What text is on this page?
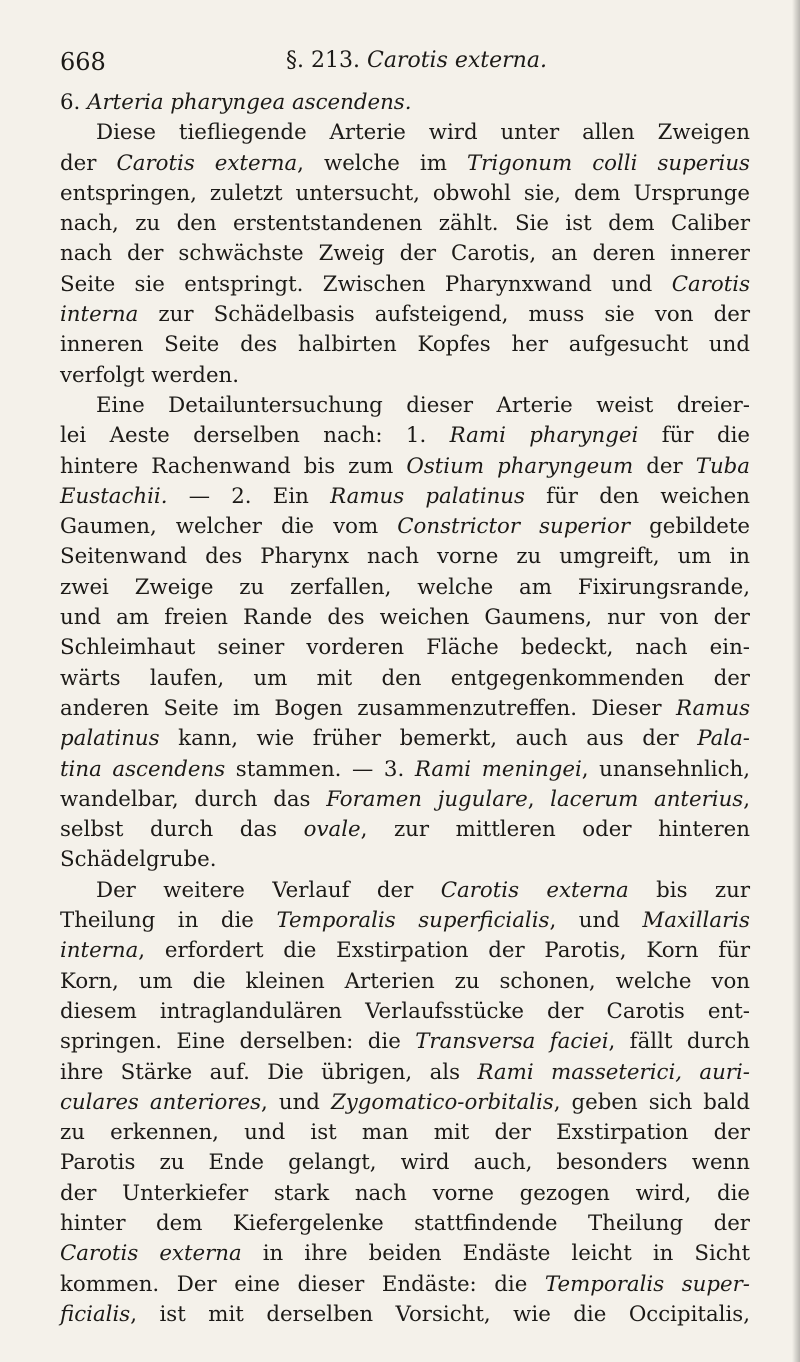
668	§. 213. Carotis externa.
6. Arteria pharyngea ascendens.
Diese tiefliegende Arterie wird unter allen Zweigen
der Carotis externa, welche im Trigonum colli superius
entspringen, zuletzt untersucht, obwohl sie, dem Ursprunge
nach, zu den erstentstandenen zählt. Sie ist dem Caliber
nach der schwächste Zweig der Carotis, an deren innerer
Seite sie entspringt. Zwischen Pharynxwand und Carotis
interna zur Schädelbasis aufsteigend, muss sie von der
inneren Seite des halbirten Kopfes her aufgesucht und
verfolgt werden.
Eine Detailuntersuchung dieser Arterie weist dreier-
lei Aeste derselben nach: 1. Rami pharyngei für die
hintere Rachenwand bis zum Ostium pharyngeum der Tuba
Eustachii. — 2. Ein Ramus palatinus für den weichen
Gaumen, welcher die vom Constrictor superior gebildete
Seitenwand des Pharynx nach vorne zu umgreift, um in
zwei Zweige zu zerfallen, welche am Fixirungsrande,
und am freien Rande des weichen Gaumens, nur von der
Schleimhaut seiner vorderen Fläche bedeckt, nach ein-
wärts laufen, um mit den entgegenkommenden der
anderen Seite im Bogen zusammenzutreffen. Dieser Ramus
palatinus kann, wie früher bemerkt, auch aus der Pala-
tina ascendens stammen. — 3. Rami meningei, unansehnlich,
wandelbar, durch das Foramen jugulare, lacerum anterius,
selbst durch das ovale, zur mittleren oder hinteren
Schädelgrube.
Der weitere Verlauf der Carotis externa bis zur
Theilung in die Temporalis superficialis, und Maxillaris
interna, erfordert die Exstirpation der Parotis, Korn für
Korn, um die kleinen Arterien zu schonen, welche von
diesem intraglandulären Verlaufsstücke der Carotis ent-
springen. Eine derselben: die Transversa faciei, fällt durch
ihre Stärke auf. Die übrigen, als Rami masseterici, auri-
culares anteriores, und Zygomatico-orbitalis, geben sich bald
zu erkennen, und ist man mit der Exstirpation der
Parotis zu Ende gelangt, wird auch, besonders wenn
der Unterkiefer stark nach vorne gezogen wird, die
hinter dem Kiefergelenke stattfindende Theilung der
Carotis externa in ihre beiden Endäste leicht in Sicht
kommen. Der eine dieser Endäste: die Temporalis super-
ficialis, ist mit derselben Vorsicht, wie die Occipitalis,
